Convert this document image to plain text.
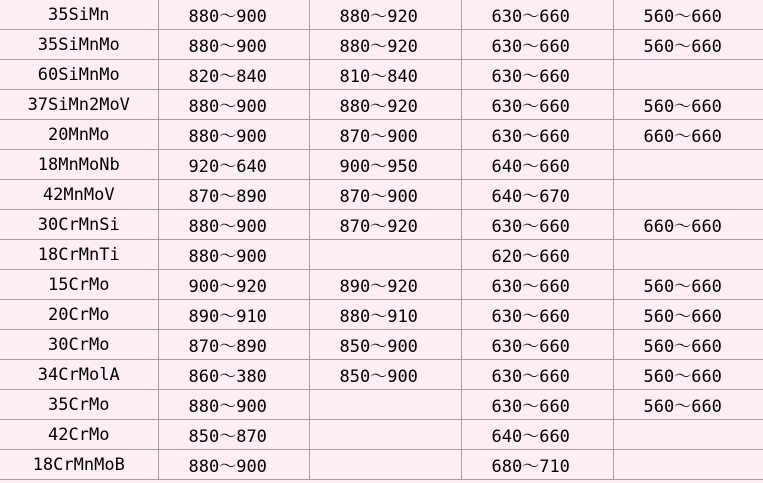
35SiMn	880～900	880～920	630～660	560～660
35SiMnMo	880～900	880～920	630～660	560～660
60SiMnMo	820～840	810～840	630～660	
37SiMn2MoV	880～900	880～920	630～660	560～660
20MnMo	880～900	870～900	630～660	660～660
18MnMoNb	920～640	900～950	640～660	
42MnMoV	870～890	870～900	640～670	
30CrMnSi	880～900	870～920	630～660	660～660
18CrMnTi	880～900		620～660	
15CrMo	900～920	890～920	630～660	560～660
20CrMo	890～910	880～910	630～660	560～660
30CrMo	870～890	850～900	630～660	560～660
34CrMolA	860～380	850～900	630～660	560～660
35CrMo	880～900		630～660	560～660
42CrMo	850～870		640～660	
18CrMnMoB	880～900		680～710	
